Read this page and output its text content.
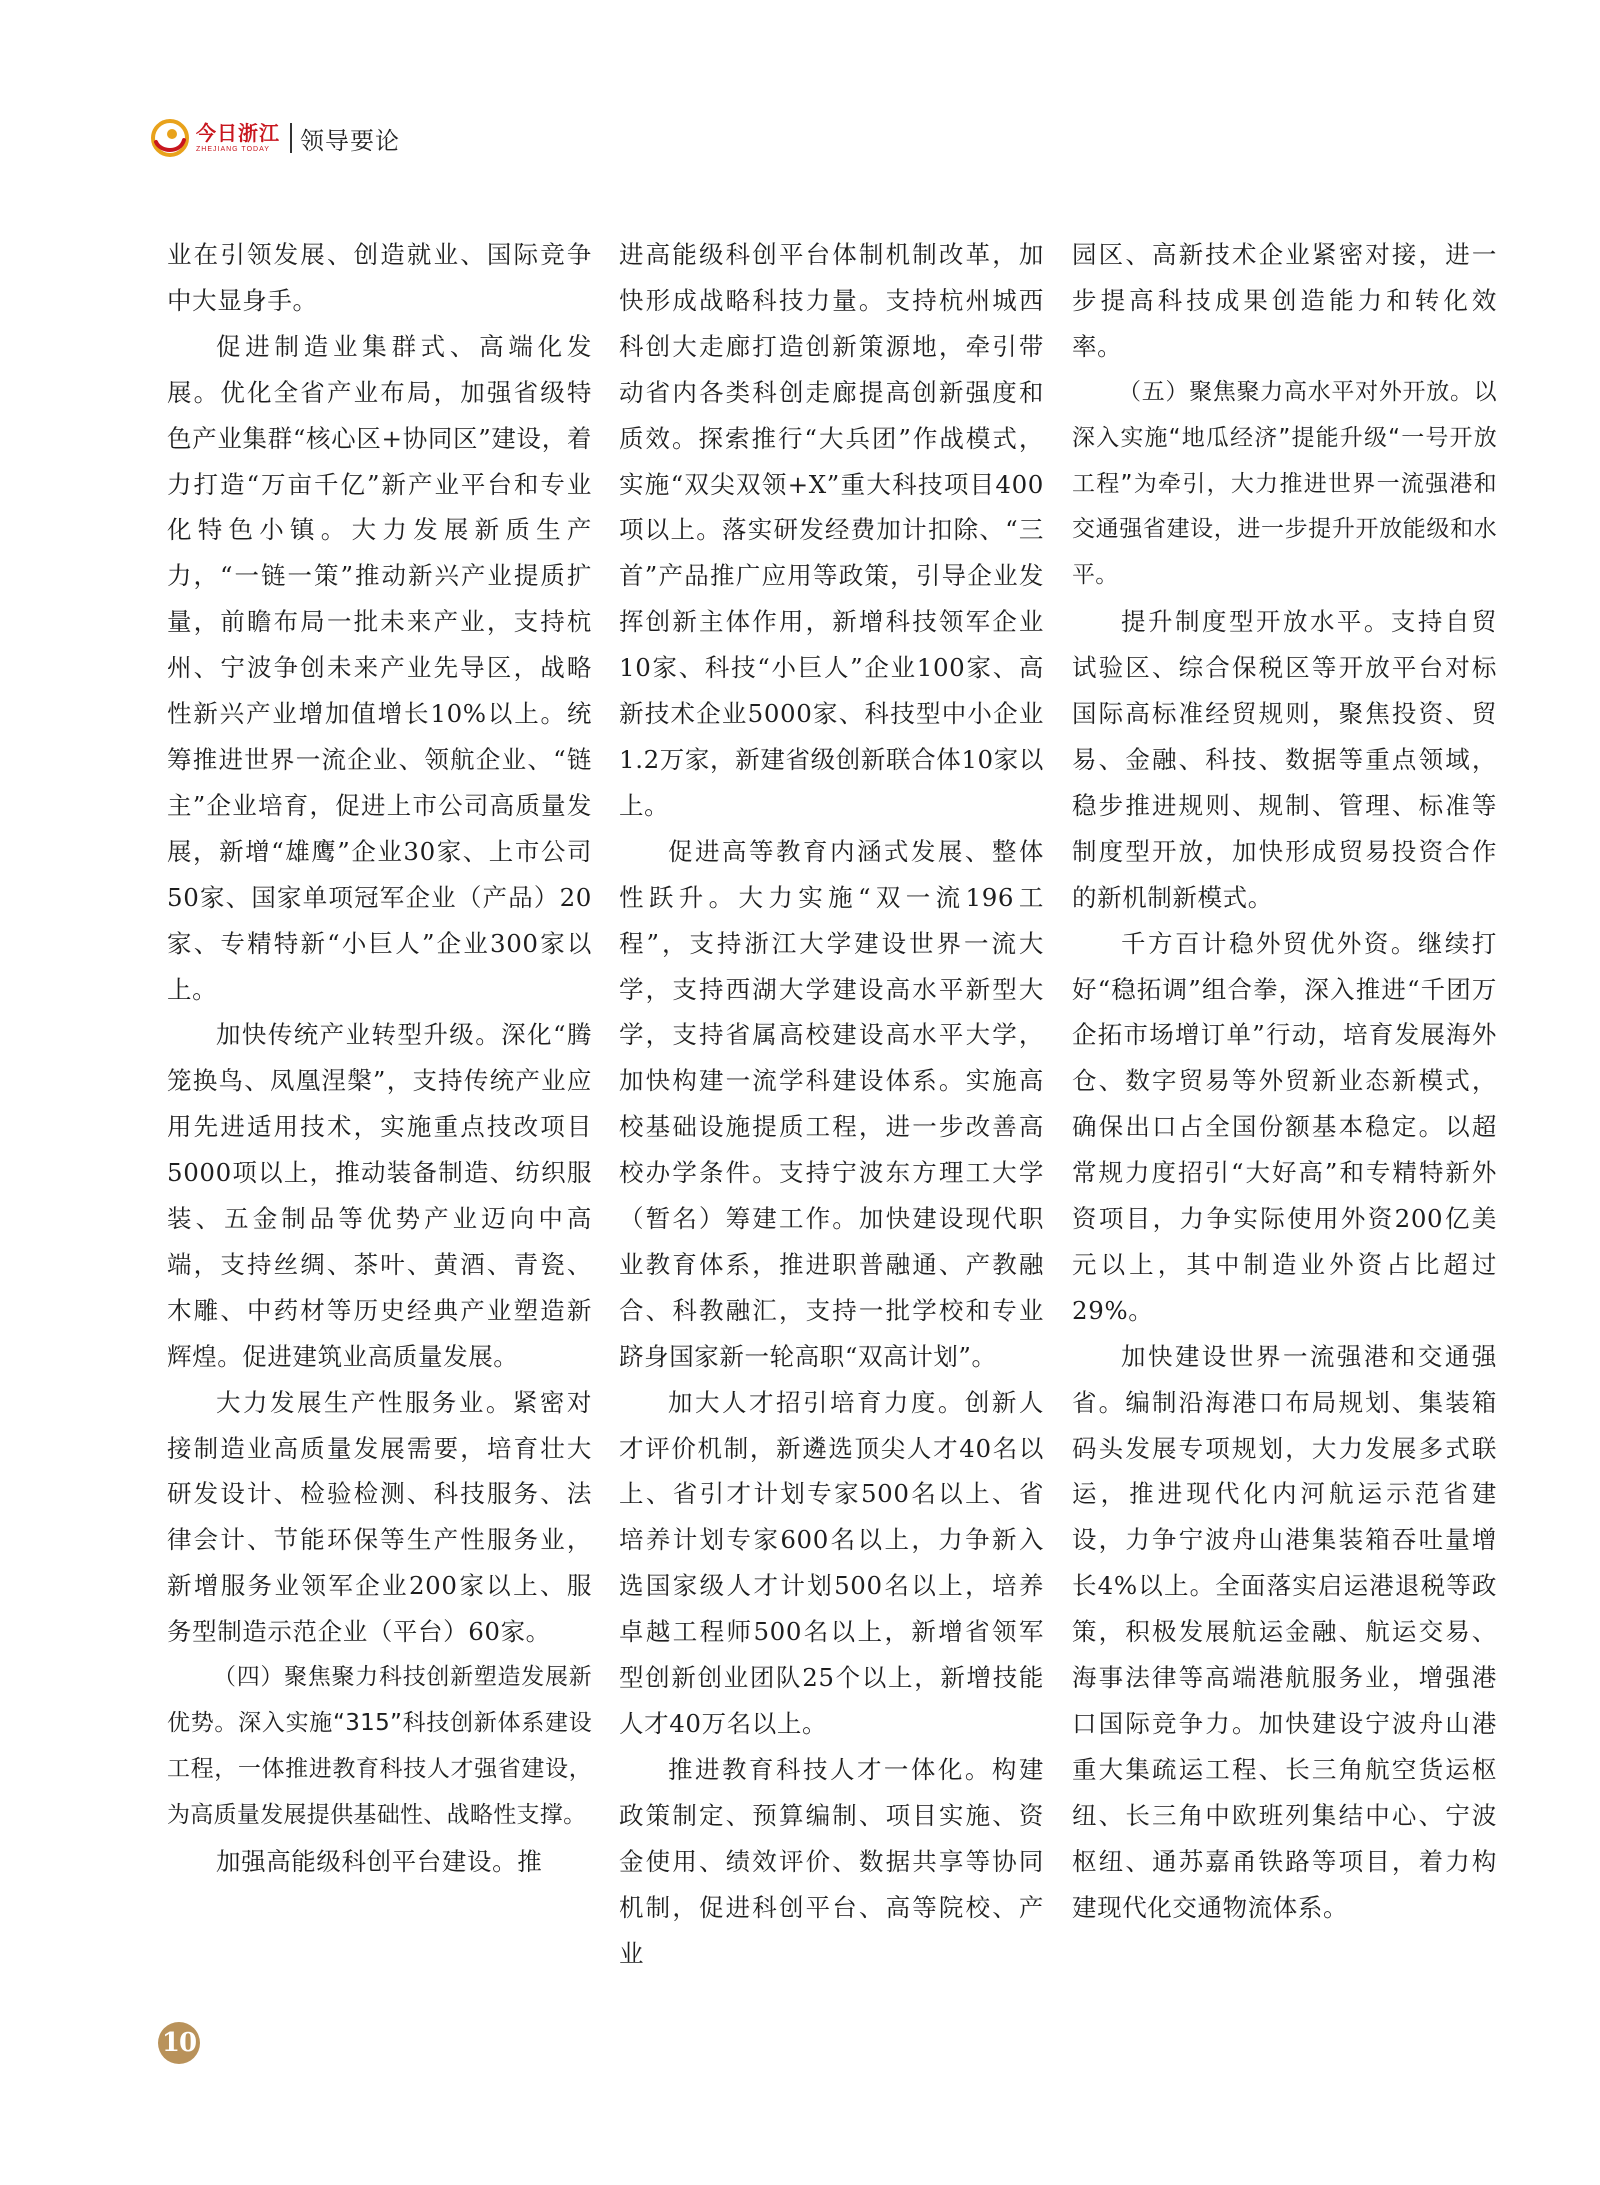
今日浙江
ZHEJIANG TODAY	领导要论

业在引领发展、创造就业、国际竞争中大显身手。

促进制造业集群式、高端化发展。优化全省产业布局，加强省级特色产业集群“核心区+协同区”建设，着力打造“万亩千亿”新产业平台和专业化特色小镇。大力发展新质生产力，“一链一策”推动新兴产业提质扩量，前瞻布局一批未来产业，支持杭州、宁波争创未来产业先导区，战略性新兴产业增加值增长10%以上。统筹推进世界一流企业、领航企业、“链主”企业培育，促进上市公司高质量发展，新增“雄鹰”企业30家、上市公司50家、国家单项冠军企业（产品）20家、专精特新“小巨人”企业300家以上。

加快传统产业转型升级。深化“腾笼换鸟、凤凰涅槃”，支持传统产业应用先进适用技术，实施重点技改项目5000项以上，推动装备制造、纺织服装、五金制品等优势产业迈向中高端，支持丝绸、茶叶、黄酒、青瓷、木雕、中药材等历史经典产业塑造新辉煌。促进建筑业高质量发展。

大力发展生产性服务业。紧密对接制造业高质量发展需要，培育壮大研发设计、检验检测、科技服务、法律会计、节能环保等生产性服务业，新增服务业领军企业200家以上、服务型制造示范企业（平台）60家。

（四）聚焦聚力科技创新塑造发展新优势。深入实施“315”科技创新体系建设工程，一体推进教育科技人才强省建设，为高质量发展提供基础性、战略性支撑。

加强高能级科创平台建设。推

进高能级科创平台体制机制改革，加快形成战略科技力量。支持杭州城西科创大走廊打造创新策源地，牵引带动省内各类科创走廊提高创新强度和质效。探索推行“大兵团”作战模式，实施“双尖双领+X”重大科技项目400项以上。落实研发经费加计扣除、“三首”产品推广应用等政策，引导企业发挥创新主体作用，新增科技领军企业10家、科技“小巨人”企业100家、高新技术企业5000家、科技型中小企业1.2万家，新建省级创新联合体10家以上。

促进高等教育内涵式发展、整体性跃升。大力实施“双一流196工程”，支持浙江大学建设世界一流大学，支持西湖大学建设高水平新型大学，支持省属高校建设高水平大学，加快构建一流学科建设体系。实施高校基础设施提质工程，进一步改善高校办学条件。支持宁波东方理工大学（暂名）筹建工作。加快建设现代职业教育体系，推进职普融通、产教融合、科教融汇，支持一批学校和专业跻身国家新一轮高职“双高计划”。

加大人才招引培育力度。创新人才评价机制，新遴选顶尖人才40名以上、省引才计划专家500名以上、省培养计划专家600名以上，力争新入选国家级人才计划500名以上，培养卓越工程师500名以上，新增省领军型创新创业团队25个以上，新增技能人才40万名以上。

推进教育科技人才一体化。构建政策制定、预算编制、项目实施、资金使用、绩效评价、数据共享等协同机制，促进科创平台、高等院校、产业

园区、高新技术企业紧密对接，进一步提高科技成果创造能力和转化效率。

（五）聚焦聚力高水平对外开放。以深入实施“地瓜经济”提能升级“一号开放工程”为牵引，大力推进世界一流强港和交通强省建设，进一步提升开放能级和水平。

提升制度型开放水平。支持自贸试验区、综合保税区等开放平台对标国际高标准经贸规则，聚焦投资、贸易、金融、科技、数据等重点领域，稳步推进规则、规制、管理、标准等制度型开放，加快形成贸易投资合作的新机制新模式。

千方百计稳外贸优外资。继续打好“稳拓调”组合拳，深入推进“千团万企拓市场增订单”行动，培育发展海外仓、数字贸易等外贸新业态新模式，确保出口占全国份额基本稳定。以超常规力度招引“大好高”和专精特新外资项目，力争实际使用外资200亿美元以上，其中制造业外资占比超过29%。

加快建设世界一流强港和交通强省。编制沿海港口布局规划、集装箱码头发展专项规划，大力发展多式联运，推进现代化内河航运示范省建设，力争宁波舟山港集装箱吞吐量增长4%以上。全面落实启运港退税等政策，积极发展航运金融、航运交易、海事法律等高端港航服务业，增强港口国际竞争力。加快建设宁波舟山港重大集疏运工程、长三角航空货运枢纽、长三角中欧班列集结中心、宁波枢纽、通苏嘉甬铁路等项目，着力构建现代化交通物流体系。

10
